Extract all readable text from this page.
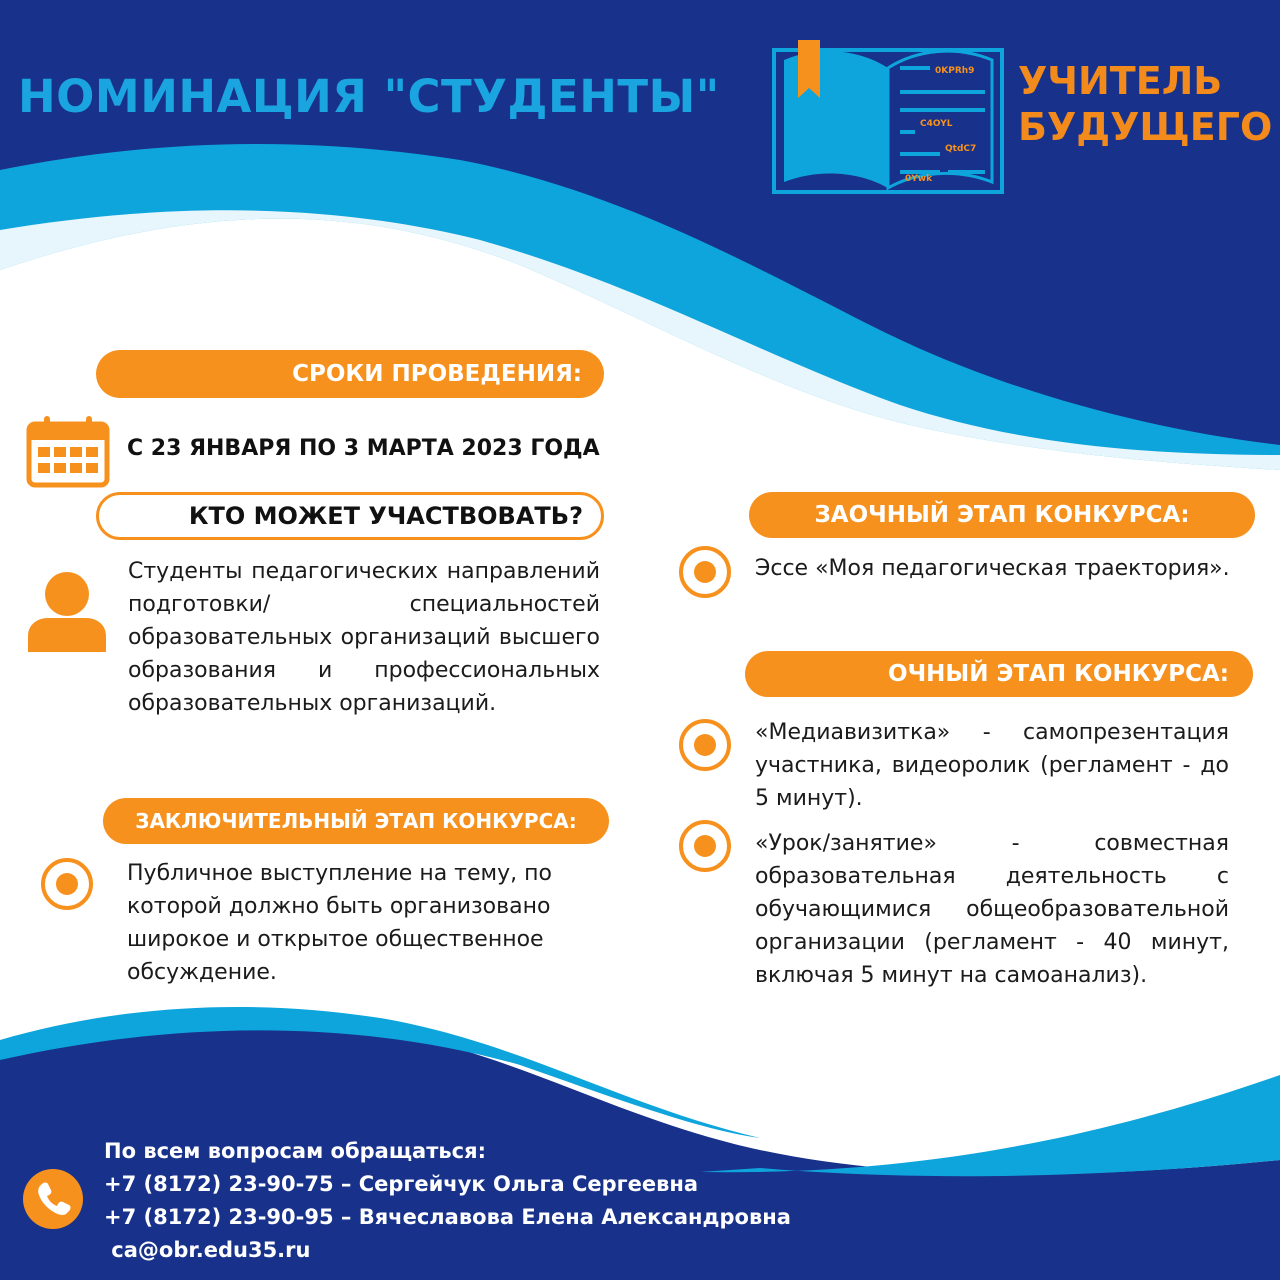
НОМИНАЦИЯ "СТУДЕНТЫ"	0KPRh9
C4OYL
QtdC7
0Ywk
УЧИТЕЛЬ
БУДУЩЕГО
СРОКИ ПРОВЕДЕНИЯ:
С 23 ЯНВАРЯ ПО 3 МАРТА 2023 ГОДА
КТО МОЖЕТ УЧАСТВОВАТЬ?
Студенты педагогических направлений подготовки/ специальностей образовательных организаций высшего образования и профессиональных образовательных организаций.
ЗАКЛЮЧИТЕЛЬНЫЙ ЭТАП КОНКУРСА:
Публичное выступление на тему, по которой должно быть организовано широкое и открытое общественное обсуждение.
ЗАОЧНЫЙ ЭТАП КОНКУРСА:
Эссе «Моя педагогическая траектория».
ОЧНЫЙ ЭТАП КОНКУРСА:
«Медиавизитка» - самопрезентация участника, видеоролик (регламент - до 5 минут).
«Урок/занятие» - совместная образовательная деятельность с обучающимися общеобразовательной организации (регламент - 40 минут, включая 5 минут на самоанализ).
По всем вопросам обращаться:
+7 (8172) 23-90-75 – Сергейчук Ольга Сергеевна
+7 (8172) 23-90-95 – Вячеславова Елена Александровна
ca@obr.edu35.ru
